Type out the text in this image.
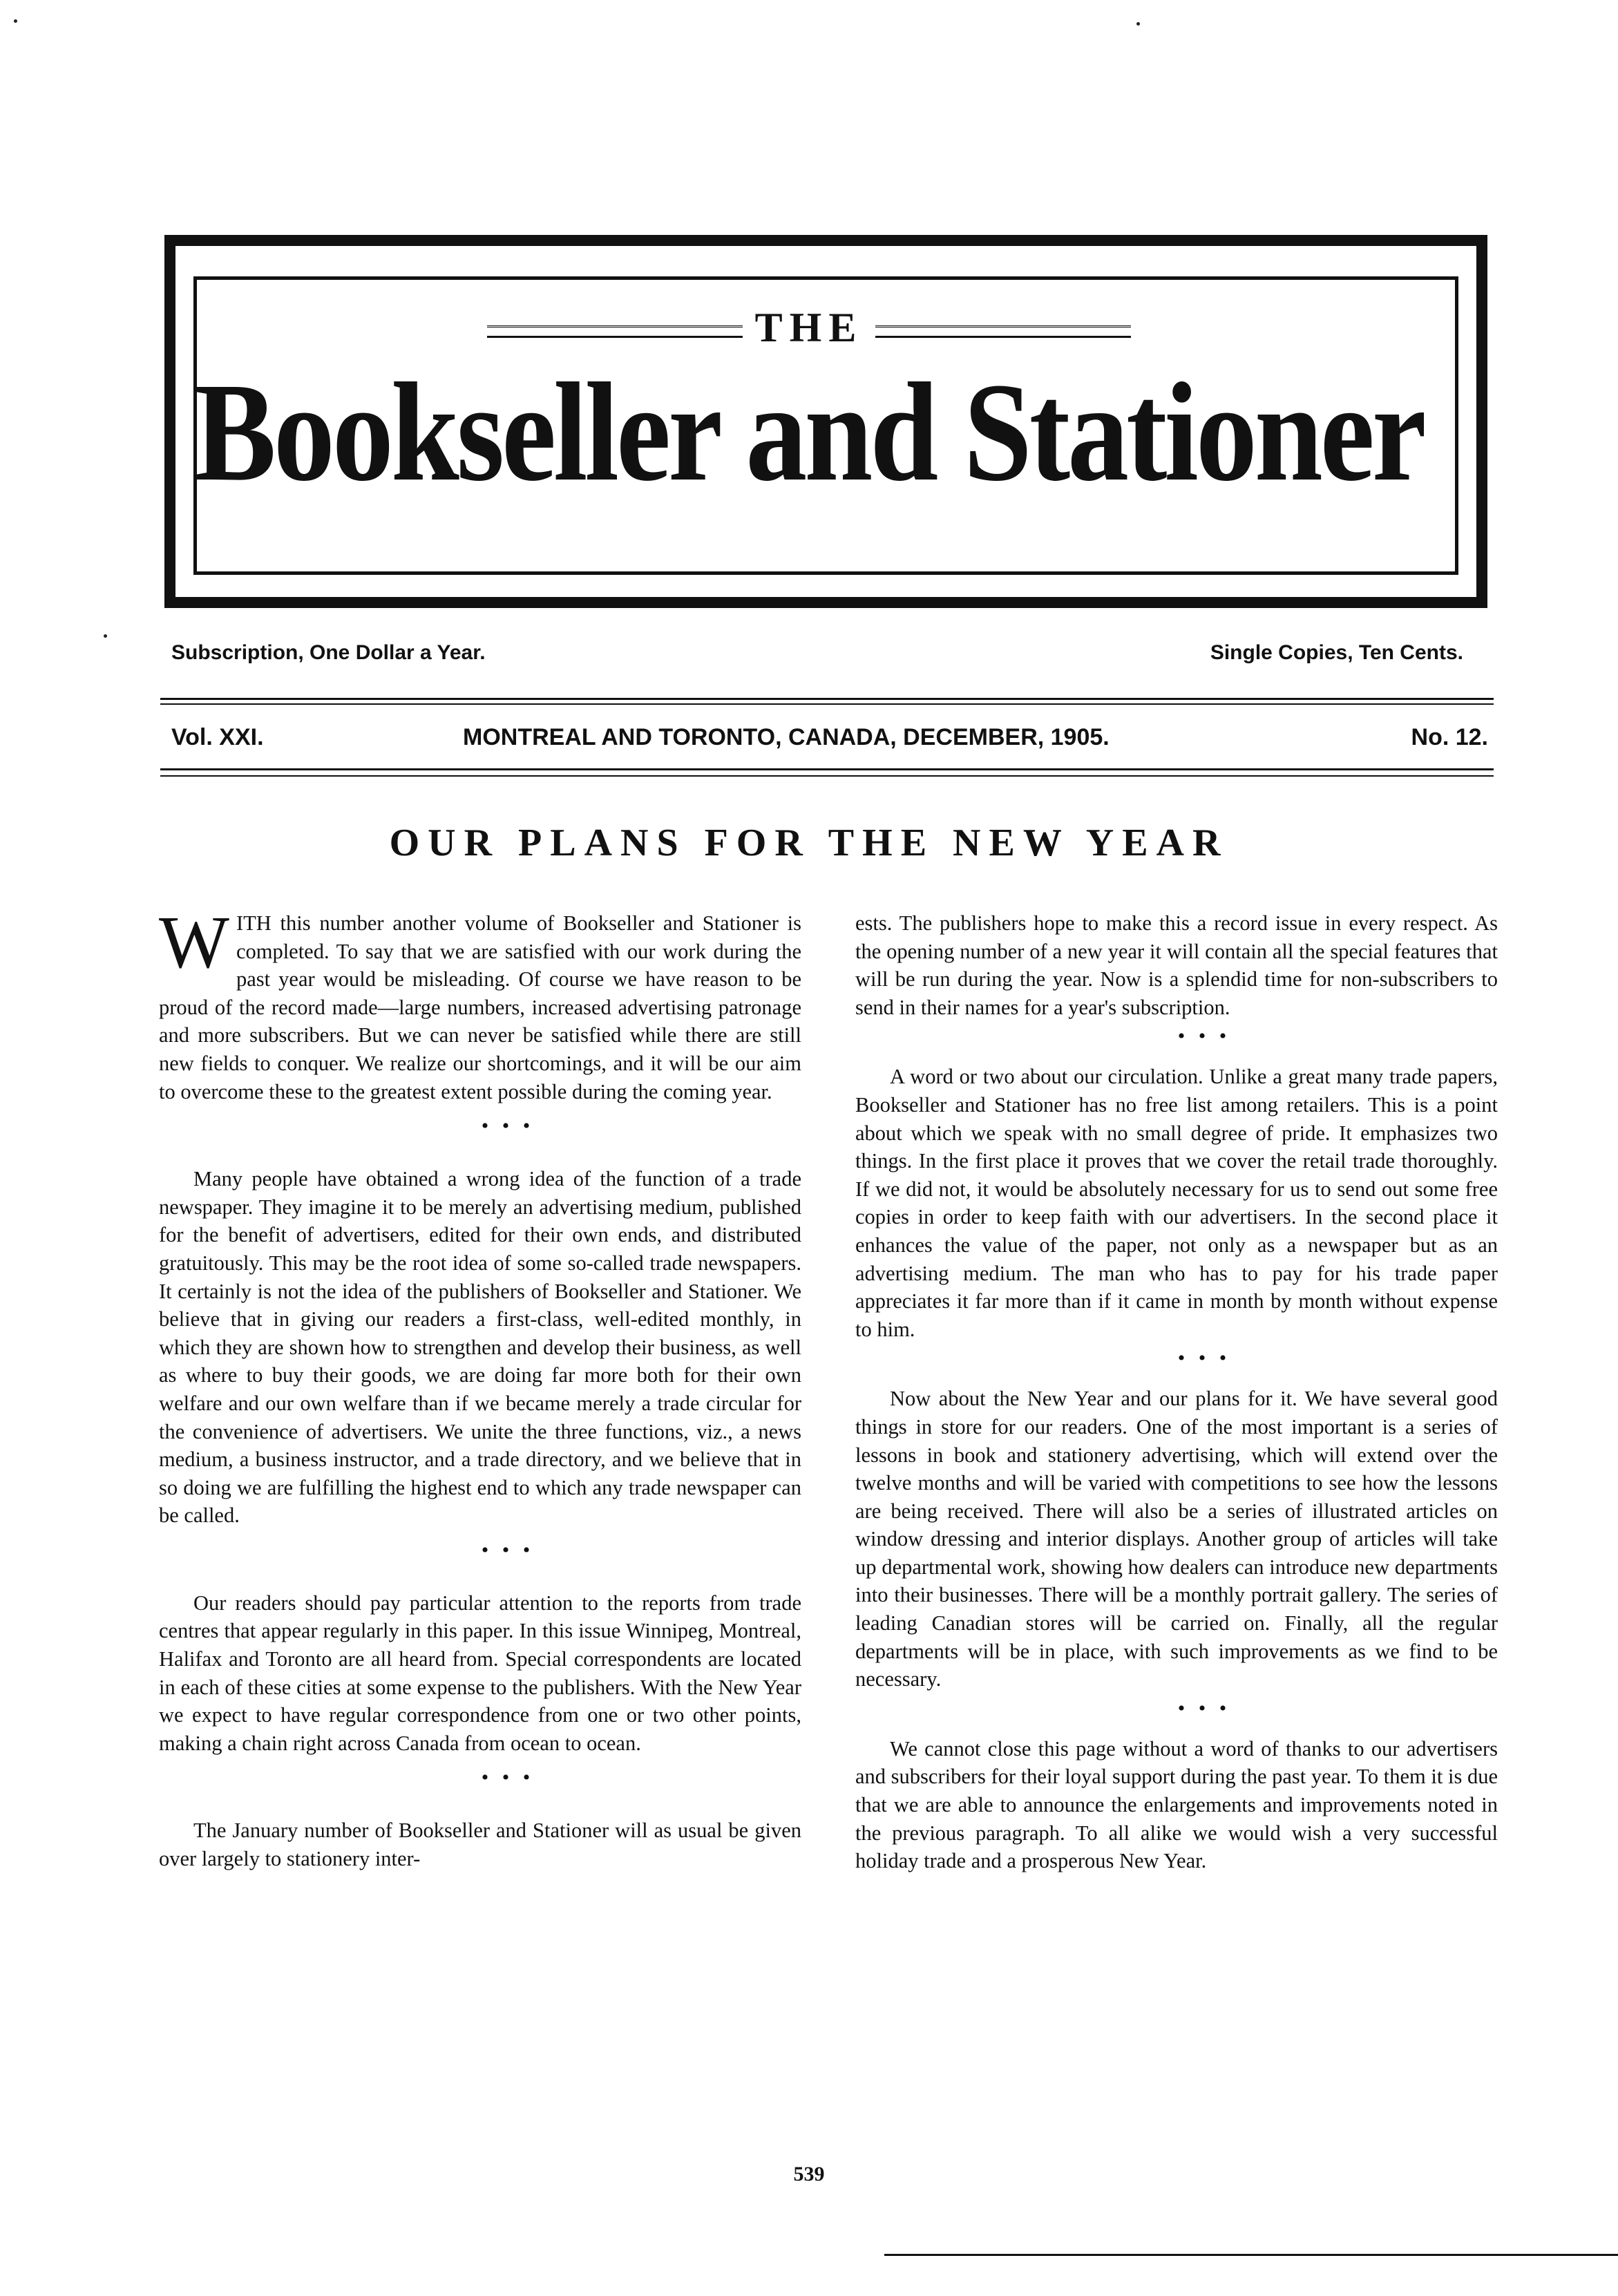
THE
Bookseller and Stationer
Subscription, One Dollar a Year.	Single Copies, Ten Cents.
Vol. XXI.	MONTREAL AND TORONTO, CANADA, DECEMBER, 1905.	No. 12.
OUR PLANS FOR THE NEW YEAR

WITH this number another volume of Bookseller and Stationer is completed. To say that we are satisfied with our work during the past year would be misleading. Of course we have reason to be proud of the record made—large numbers, increased advertising patronage and more subscribers. But we can never be satisfied while there are still new fields to conquer. We realize our shortcomings, and it will be our aim to overcome these to the greatest extent possible during the coming year.

• • •

Many people have obtained a wrong idea of the function of a trade newspaper. They imagine it to be merely an advertising medium, published for the benefit of advertisers, edited for their own ends, and distributed gratuitously. This may be the root idea of some so-called trade newspapers. It certainly is not the idea of the publishers of Bookseller and Stationer. We believe that in giving our readers a first-class, well-edited monthly, in which they are shown how to strengthen and develop their business, as well as where to buy their goods, we are doing far more both for their own welfare and our own welfare than if we became merely a trade circular for the convenience of advertisers. We unite the three functions, viz., a news medium, a business instructor, and a trade directory, and we believe that in so doing we are fulfilling the highest end to which any trade newspaper can be called.

• • •

Our readers should pay particular attention to the reports from trade centres that appear regularly in this paper. In this issue Winnipeg, Montreal, Halifax and Toronto are all heard from. Special correspondents are located in each of these cities at some expense to the publishers. With the New Year we expect to have regular correspondence from one or two other points, making a chain right across Canada from ocean to ocean.

• • •

The January number of Bookseller and Stationer will as usual be given over largely to stationery inter-

ests. The publishers hope to make this a record issue in every respect. As the opening number of a new year it will contain all the special features that will be run during the year. Now is a splendid time for non-subscribers to send in their names for a year's subscription.

• • •

A word or two about our circulation. Unlike a great many trade papers, Bookseller and Stationer has no free list among retailers. This is a point about which we speak with no small degree of pride. It emphasizes two things. In the first place it proves that we cover the retail trade thoroughly. If we did not, it would be absolutely necessary for us to send out some free copies in order to keep faith with our advertisers. In the second place it enhances the value of the paper, not only as a newspaper but as an advertising medium. The man who has to pay for his trade paper appreciates it far more than if it came in month by month without expense to him.

• • •

Now about the New Year and our plans for it. We have several good things in store for our readers. One of the most important is a series of lessons in book and stationery advertising, which will extend over the twelve months and will be varied with competitions to see how the lessons are being received. There will also be a series of illustrated articles on window dressing and interior displays. Another group of articles will take up departmental work, showing how dealers can introduce new departments into their businesses. There will be a monthly portrait gallery. The series of leading Canadian stores will be carried on. Finally, all the regular departments will be in place, with such improvements as we find to be necessary.

• • •

We cannot close this page without a word of thanks to our advertisers and subscribers for their loyal support during the past year. To them it is due that we are able to announce the enlargements and improvements noted in the previous paragraph. To all alike we would wish a very successful holiday trade and a prosperous New Year.

539
